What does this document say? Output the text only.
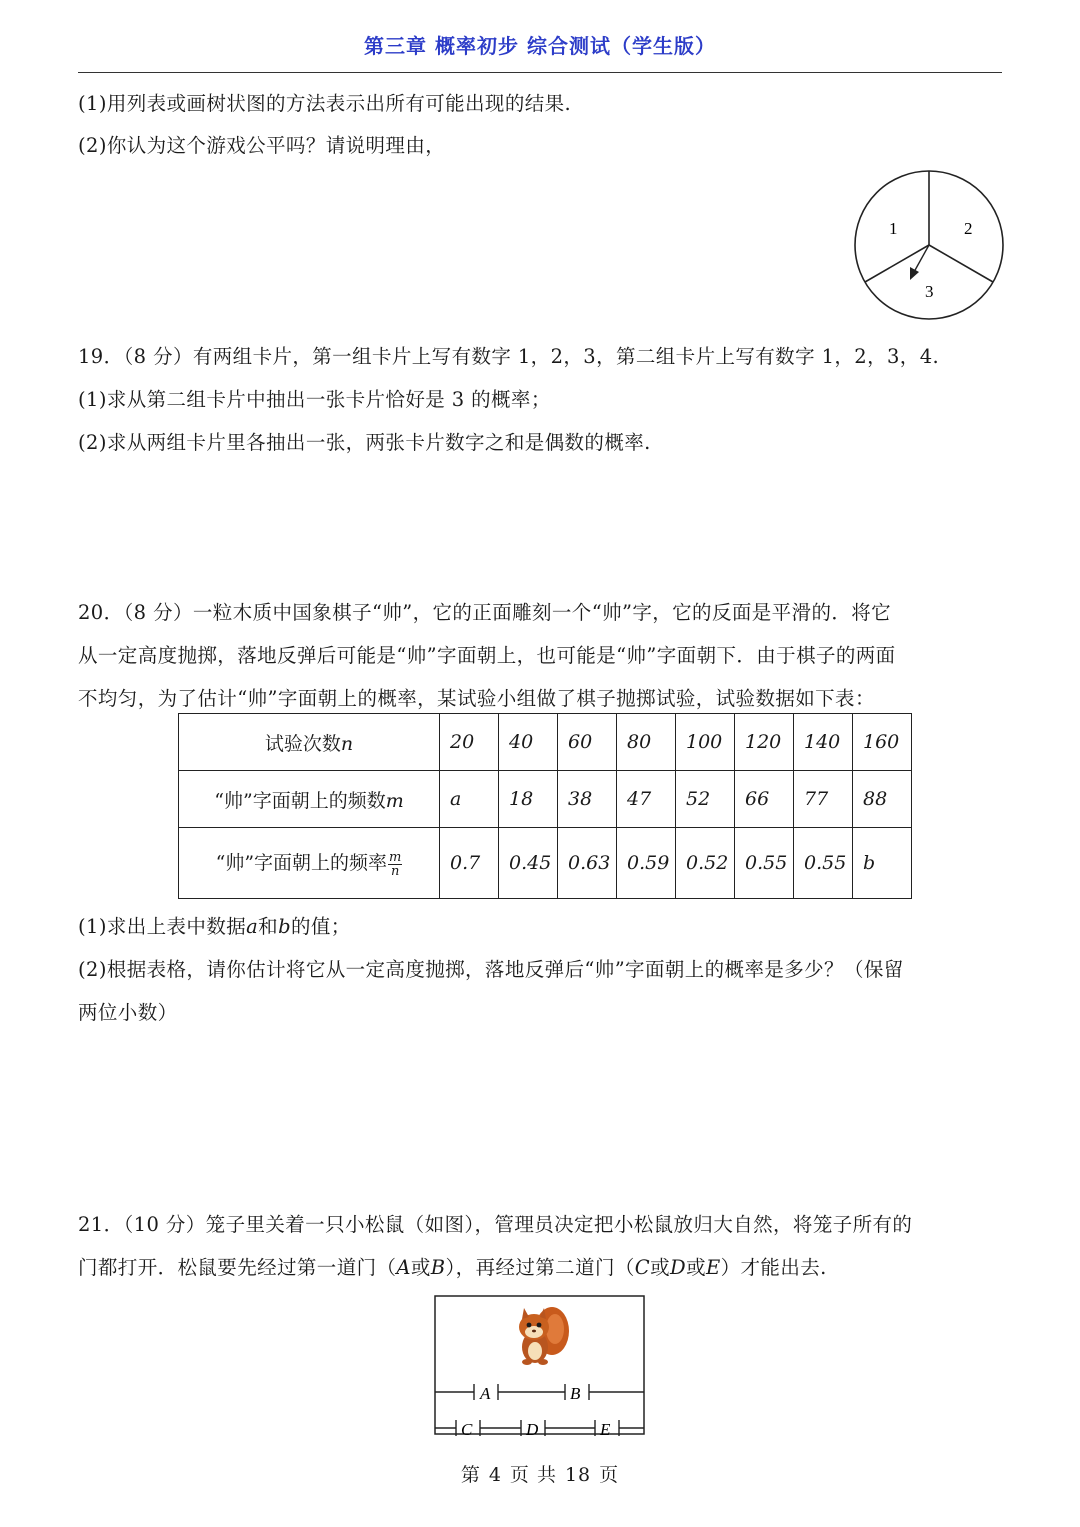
第三章 概率初步 综合测试（学生版）
(1)用列表或画树状图的方法表示出所有可能出现的结果.
(2)你认为这个游戏公平吗？请说明理由，
1	2
3
19．（8 分）有两组卡片，第一组卡片上写有数字 1，2，3，第二组卡片上写有数字 1，2，3，4.
(1)求从第二组卡片中抽出一张卡片恰好是 3 的概率；
(2)求从两组卡片里各抽出一张，两张卡片数字之和是偶数的概率.
20．（8 分）一粒木质中国象棋子“帅”，它的正面雕刻一个“帅”字，它的反面是平滑的．将它
从一定高度抛掷，落地反弹后可能是“帅”字面朝上，也可能是“帅”字面朝下．由于棋子的两面
不均匀，为了估计“帅”字面朝上的概率，某试验小组做了棋子抛掷试验，试验数据如下表：
试验次数n	20	40	60	80	100	120	140	160
“帅”字面朝上的频数m	a	18	38	47	52	66	77	88
“帅”字面朝上的频率 $\frac{m}{n}$	0.7	0.45	0.63	0.59	0.52	0.55	0.55	b
(1)求出上表中数据a和b的值；
(2)根据表格，请你估计将它从一定高度抛掷，落地反弹后“帅”字面朝上的概率是多少？（保留
两位小数）
21．（10 分）笼子里关着一只小松鼠（如图），管理员决定把小松鼠放归大自然，将笼子所有的
门都打开．松鼠要先经过第一道门（A或B），再经过第二道门（C或D或E）才能出去.
A	B
C	D	E
第 4 页 共 18 页
